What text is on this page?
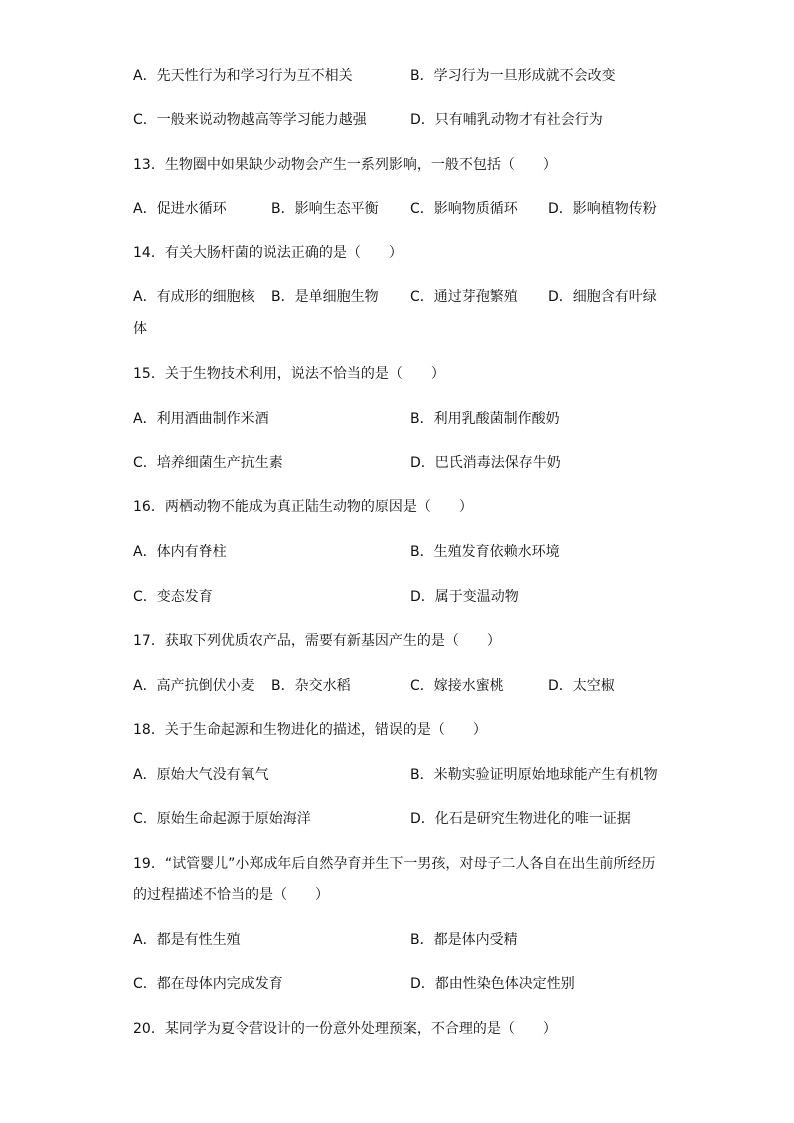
A．先天性行为和学习行为互不相关	B．学习行为一旦形成就不会改变
C．一般来说动物越高等学习能力越强	D．只有哺乳动物才有社会行为
13．生物圈中如果缺少动物会产生一系列影响，一般不包括（　　）
A．促进水循环	B．影响生态平衡 C．影响物质循环 D．影响植物传粉
14．有关大肠杆菌的说法正确的是（　　）
A．有成形的细胞核 B．是单细胞生物 C．通过芽孢繁殖 D．细胞含有叶绿
体
15．关于生物技术利用，说法不恰当的是（　　）
A．利用酒曲制作米酒	B．利用乳酸菌制作酸奶
C．培养细菌生产抗生素	D．巴氏消毒法保存牛奶
16．两栖动物不能成为真正陆生动物的原因是（　　）
A．体内有脊柱	B．生殖发育依赖水环境
C．变态发育	D．属于变温动物
17．获取下列优质农产品，需要有新基因产生的是（　　）
A．高产抗倒伏小麦 B．杂交水稻	C．嫁接水蜜桃	D．太空椒
18．关于生命起源和生物进化的描述，错误的是（　　）
A．原始大气没有氧气	B．米勒实验证明原始地球能产生有机物
C．原始生命起源于原始海洋	D．化石是研究生物进化的唯一证据
19．“试管婴儿”小郑成年后自然孕育并生下一男孩，对母子二人各自在出生前所经历
的过程描述不恰当的是（　　）
A．都是有性生殖	B．都是体内受精
C．都在母体内完成发育	D．都由性染色体决定性别
20．某同学为夏令营设计的一份意外处理预案，不合理的是（　　）
